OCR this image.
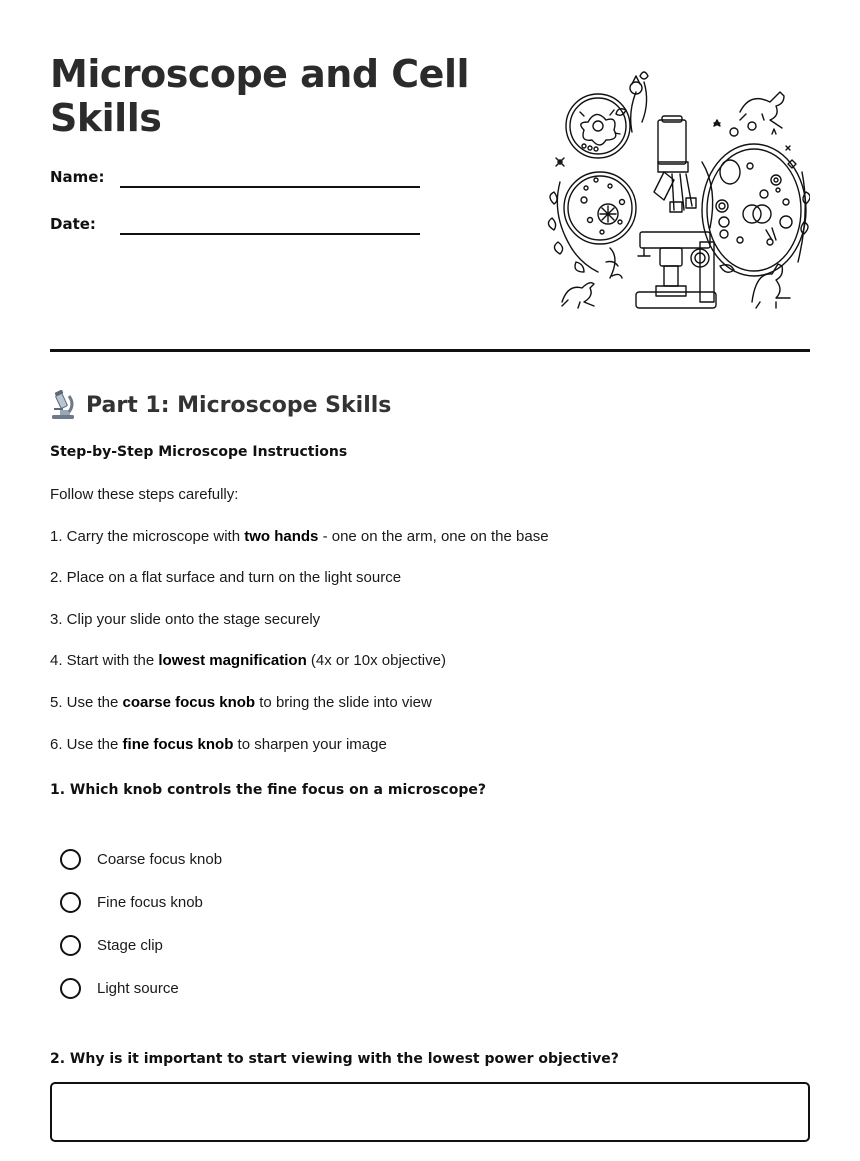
Microscope and Cell Skills
Name:
Date:
Part 1: Microscope Skills
Step-by-Step Microscope Instructions
Follow these steps carefully:
1. Carry the microscope with two hands - one on the arm, one on the base
2. Place on a flat surface and turn on the light source
3. Clip your slide onto the stage securely
4. Start with the lowest magnification (4x or 10x objective)
5. Use the coarse focus knob to bring the slide into view
6. Use the fine focus knob to sharpen your image
1. Which knob controls the fine focus on a microscope?
Coarse focus knob
Fine focus knob
Stage clip
Light source
2. Why is it important to start viewing with the lowest power objective?
